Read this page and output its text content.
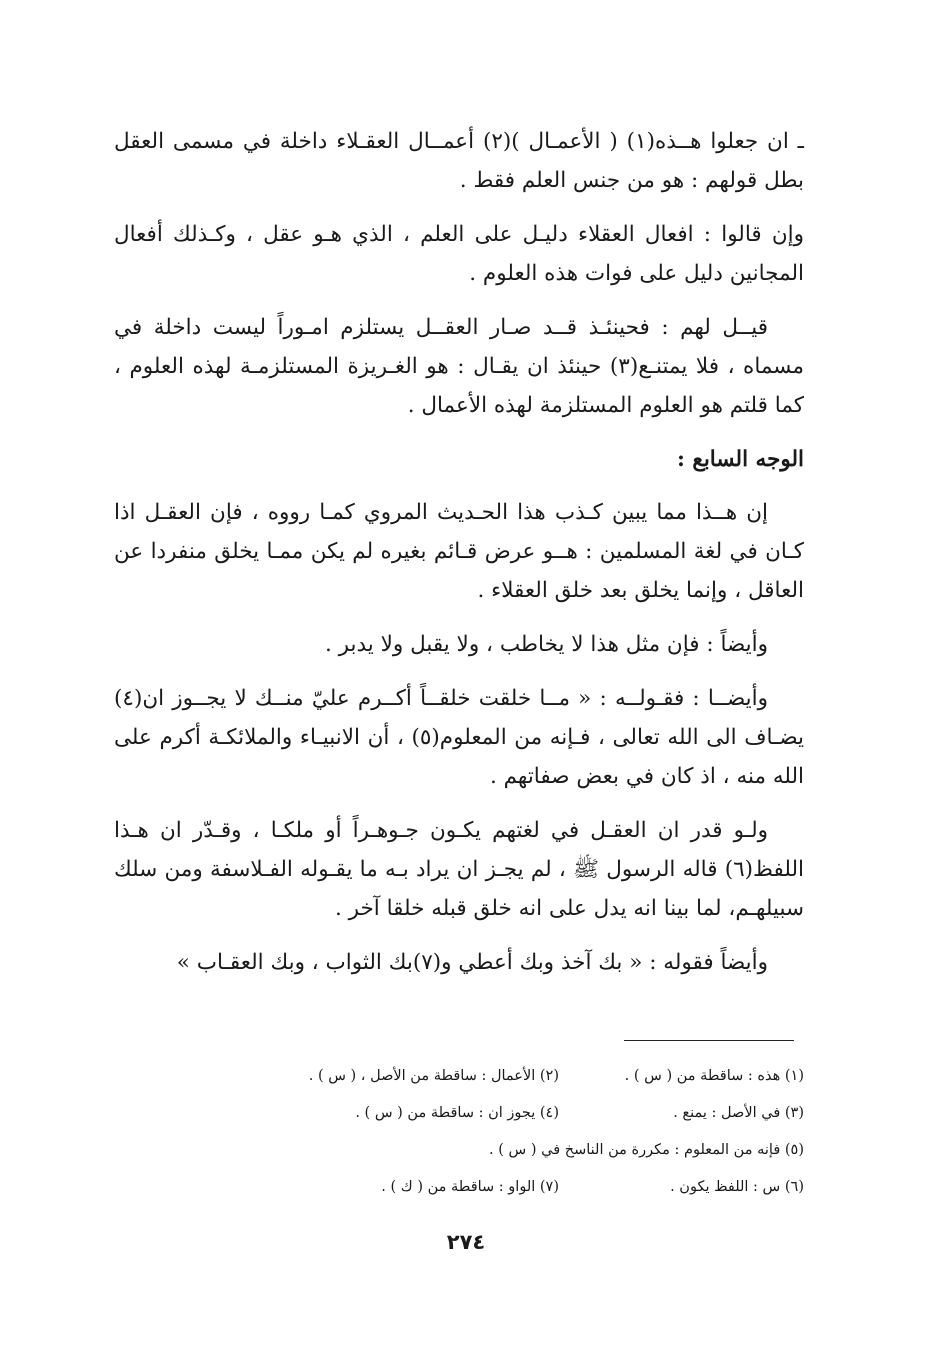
ـ ان جعلوا هــذه(١) ( الأعمـال )(٢) أعمــال العقـلاء داخلة في مسمى العقل بطل قولهم : هو من جنس العلم فقط .

وإن قالوا : افعال العقلاء دليـل على العلم ، الذي هـو عقل ، وكـذلك أفعال المجانين دليل على فوات هذه العلوم .

قيــل لهم : فحينئـذ قــد صـار العقــل يستلزم امـوراً ليست داخلة في مسماه ، فلا يمتنـع(٣) حينئذ ان يقـال : هو الغـريزة المستلزمـة لهذه العلوم ، كما قلتم هو العلوم المستلزمة لهذه الأعمال .

الوجه السابع :

إن هــذا مما يبين كـذب هذا الحـديث المروي كمـا رووه ، فإن العقـل اذا كـان في لغة المسلمين : هــو عرض قـائم بغيره لم يكن ممـا يخلق منفردا عن العاقل ، وإنما يخلق بعد خلق العقلاء .

وأيضاً : فإن مثل هذا لا يخاطب ، ولا يقبل ولا يدبر .

وأيضــا : فقـولــه : « مــا خلقت خلقــاً أكــرم عليّ منــك لا يجــوز ان(٤) يضـاف الى الله تعالى ، فـإنه من المعلوم(٥) ، أن الانبيـاء والملائكـة أكرم على الله منه ، اذ كان في بعض صفاتهم .

ولـو قدر ان العقـل في لغتهم يكـون جـوهـراً أو ملكـا ، وقـدّر ان هـذا اللفظ(٦) قاله الرسول ﷺ ، لم يجـز ان يراد بـه ما يقـوله الفـلاسفة ومن سلك سبيلهـم، لما بينا انه يدل على انه خلق قبله خلقا آخر .

وأيضاً فقوله : « بك آخذ وبك أعطي و(٧)بك الثواب ، وبك العقـاب »

(١) هذه : ساقطة من ( س ) .
(٢) الأعمال : ساقطة من الأصل ، ( س ) .
(٣) في الأصل : يمنع .
(٤) يجوز ان : ساقطة من ( س ) .
(٥) فإنه من المعلوم : مكررة من الناسخ في ( س ) .
(٦) س : اللفظ يكون .
(٧) الواو : ساقطة من ( ك ) .
٢٧٤
